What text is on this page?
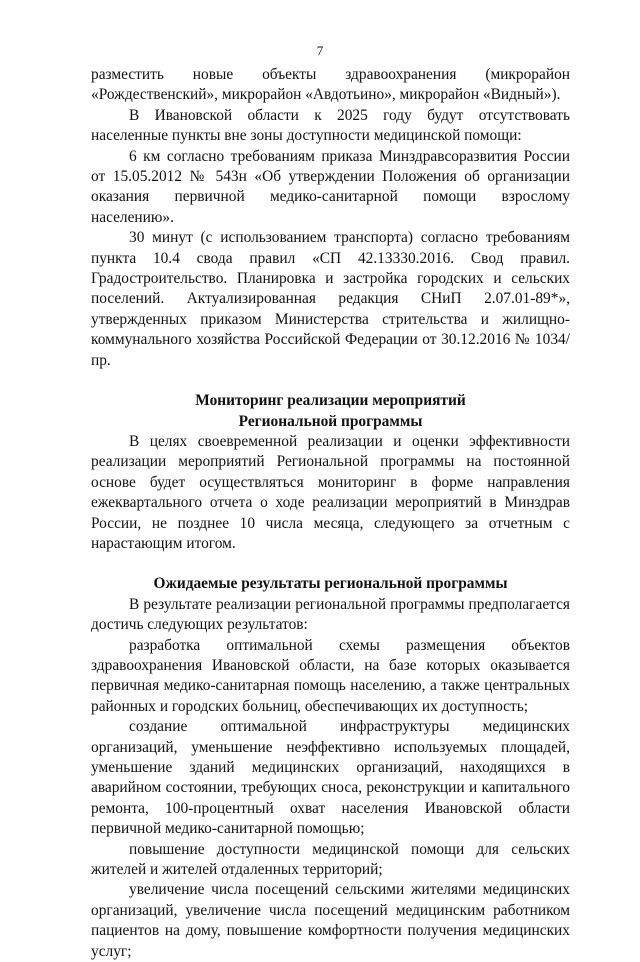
7

разместить новые объекты здравоохранения (микрорайон «Рождественский», микрорайон «Авдотьино», микрорайон «Видный»).

В Ивановской области к 2025 году будут отсутствовать населенные пункты вне зоны доступности медицинской помощи:

6 км согласно требованиям приказа Минздравсоразвития России от 15.05.2012 № 543н «Об утверждении Положения об организации оказания первичной медико-санитарной помощи взрослому населению».

30 минут (с использованием транспорта) согласно требованиям пункта 10.4 свода правил «СП 42.13330.2016. Свод правил. Градостроительство. Планировка и застройка городских и сельских поселений. Актуализированная редакция СНиП 2.07.01-89*», утвержденных приказом Министерства стрительства и жилищно-коммунального хозяйства Российской Федерации от 30.12.2016 № 1034/пр.

Мониторинг реализации мероприятий

Региональной программы

В целях своевременной реализации и оценки эффективности реализации мероприятий Региональной программы на постоянной основе будет осуществляться мониторинг в форме направления ежеквартального отчета о ходе реализации мероприятий в Минздрав России, не позднее 10 числа месяца, следующего за отчетным с нарастающим итогом.

Ожидаемые результаты региональной программы

В результате реализации региональной программы предполагается достичь следующих результатов:

разработка оптимальной схемы размещения объектов здравоохранения Ивановской области, на базе которых оказывается первичная медико-санитарная помощь населению, а также центральных районных и городских больниц, обеспечивающих их доступность;

создание оптимальной инфраструктуры медицинских организаций, уменьшение неэффективно используемых площадей, уменьшение зданий медицинских организаций, находящихся в аварийном состоянии, требующих сноса, реконструкции и капитального ремонта, 100-процентный охват населения Ивановской области первичной медико-санитарной помощью;

повышение доступности медицинской помощи для сельских жителей и жителей отдаленных территорий;

увеличение числа посещений сельскими жителями медицинских организаций, увеличение числа посещений медицинским работником пациентов на дому, повышение комфортности получения медицинских услуг;
